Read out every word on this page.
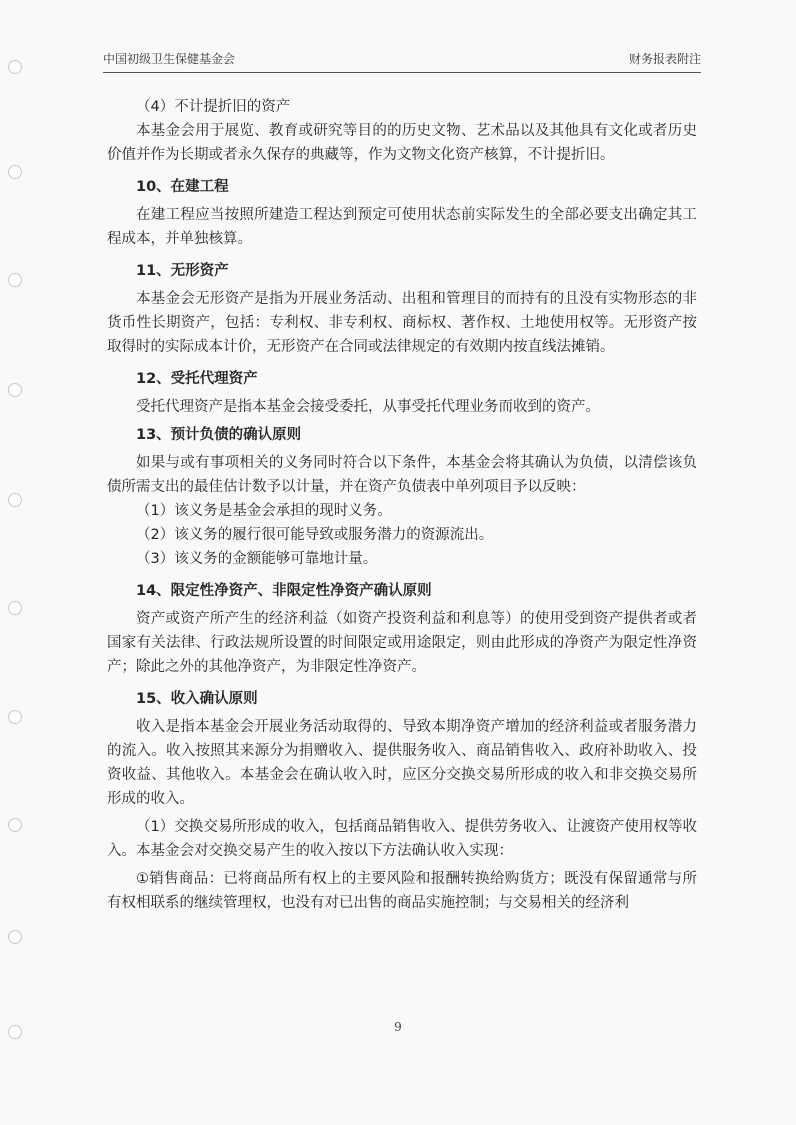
中国初级卫生保健基金会	财务报表附注

（4）不计提折旧的资产

本基金会用于展览、教育或研究等目的的历史文物、艺术品以及其他具有文化或者历史价值并作为长期或者永久保存的典藏等，作为文物文化资产核算，不计提折旧。

10、在建工程

在建工程应当按照所建造工程达到预定可使用状态前实际发生的全部必要支出确定其工程成本，并单独核算。

11、无形资产

本基金会无形资产是指为开展业务活动、出租和管理目的而持有的且没有实物形态的非货币性长期资产，包括：专利权、非专利权、商标权、著作权、土地使用权等。无形资产按取得时的实际成本计价，无形资产在合同或法律规定的有效期内按直线法摊销。

12、受托代理资产

受托代理资产是指本基金会接受委托，从事受托代理业务而收到的资产。

13、预计负债的确认原则

如果与或有事项相关的义务同时符合以下条件，本基金会将其确认为负债，以清偿该负债所需支出的最佳估计数予以计量，并在资产负债表中单列项目予以反映：

（1）该义务是基金会承担的现时义务。

（2）该义务的履行很可能导致或服务潜力的资源流出。

（3）该义务的金额能够可靠地计量。

14、限定性净资产、非限定性净资产确认原则

资产或资产所产生的经济利益（如资产投资利益和利息等）的使用受到资产提供者或者国家有关法律、行政法规所设置的时间限定或用途限定，则由此形成的净资产为限定性净资产；除此之外的其他净资产，为非限定性净资产。

15、收入确认原则

收入是指本基金会开展业务活动取得的、导致本期净资产增加的经济利益或者服务潜力的流入。收入按照其来源分为捐赠收入、提供服务收入、商品销售收入、政府补助收入、投资收益、其他收入。本基金会在确认收入时，应区分交换交易所形成的收入和非交换交易所形成的收入。

（1）交换交易所形成的收入，包括商品销售收入、提供劳务收入、让渡资产使用权等收入。本基金会对交换交易产生的收入按以下方法确认收入实现：

①销售商品：已将商品所有权上的主要风险和报酬转换给购货方；既没有保留通常与所有权相联系的继续管理权，也没有对已出售的商品实施控制；与交易相关的经济利

9
